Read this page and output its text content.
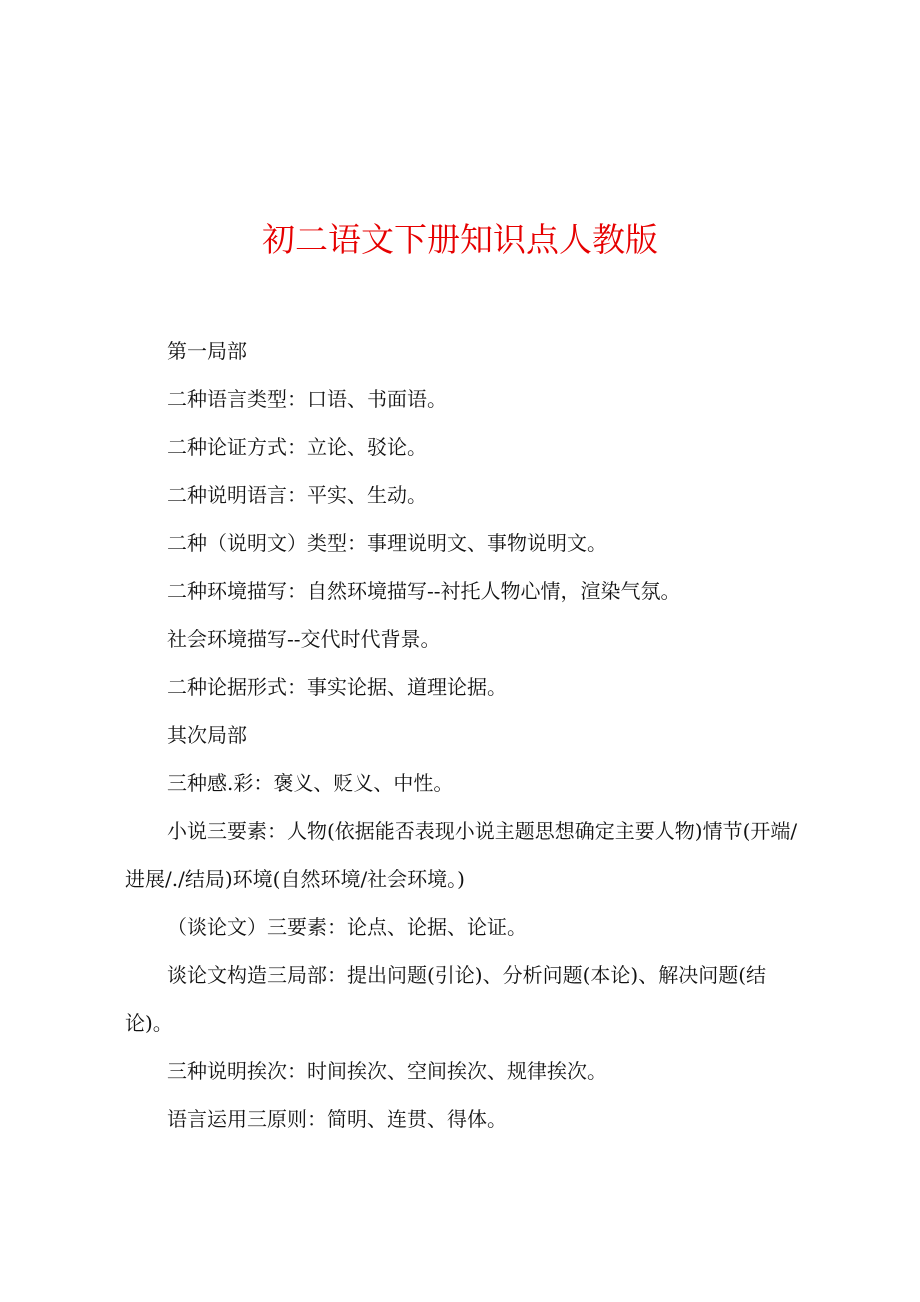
初二语文下册知识点人教版

第一局部

二种语言类型：口语、书面语。

二种论证方式：立论、驳论。

二种说明语言：平实、生动。

二种（说明文）类型：事理说明文、事物说明文。

二种环境描写：自然环境描写--衬托人物心情，渲染气氛。

社会环境描写--交代时代背景。

二种论据形式：事实论据、道理论据。

其次局部

三种感.彩：褒义、贬义、中性。

小说三要素：人物(依据能否表现小说主题思想确定主要人物)情节(开端/进展/./结局)环境(自然环境/社会环境。)

（谈论文）三要素：论点、论据、论证。

谈论文构造三局部：提出问题(引论)、分析问题(本论)、解决问题(结论)。

三种说明挨次：时间挨次、空间挨次、规律挨次。

语言运用三原则：简明、连贯、得体。
